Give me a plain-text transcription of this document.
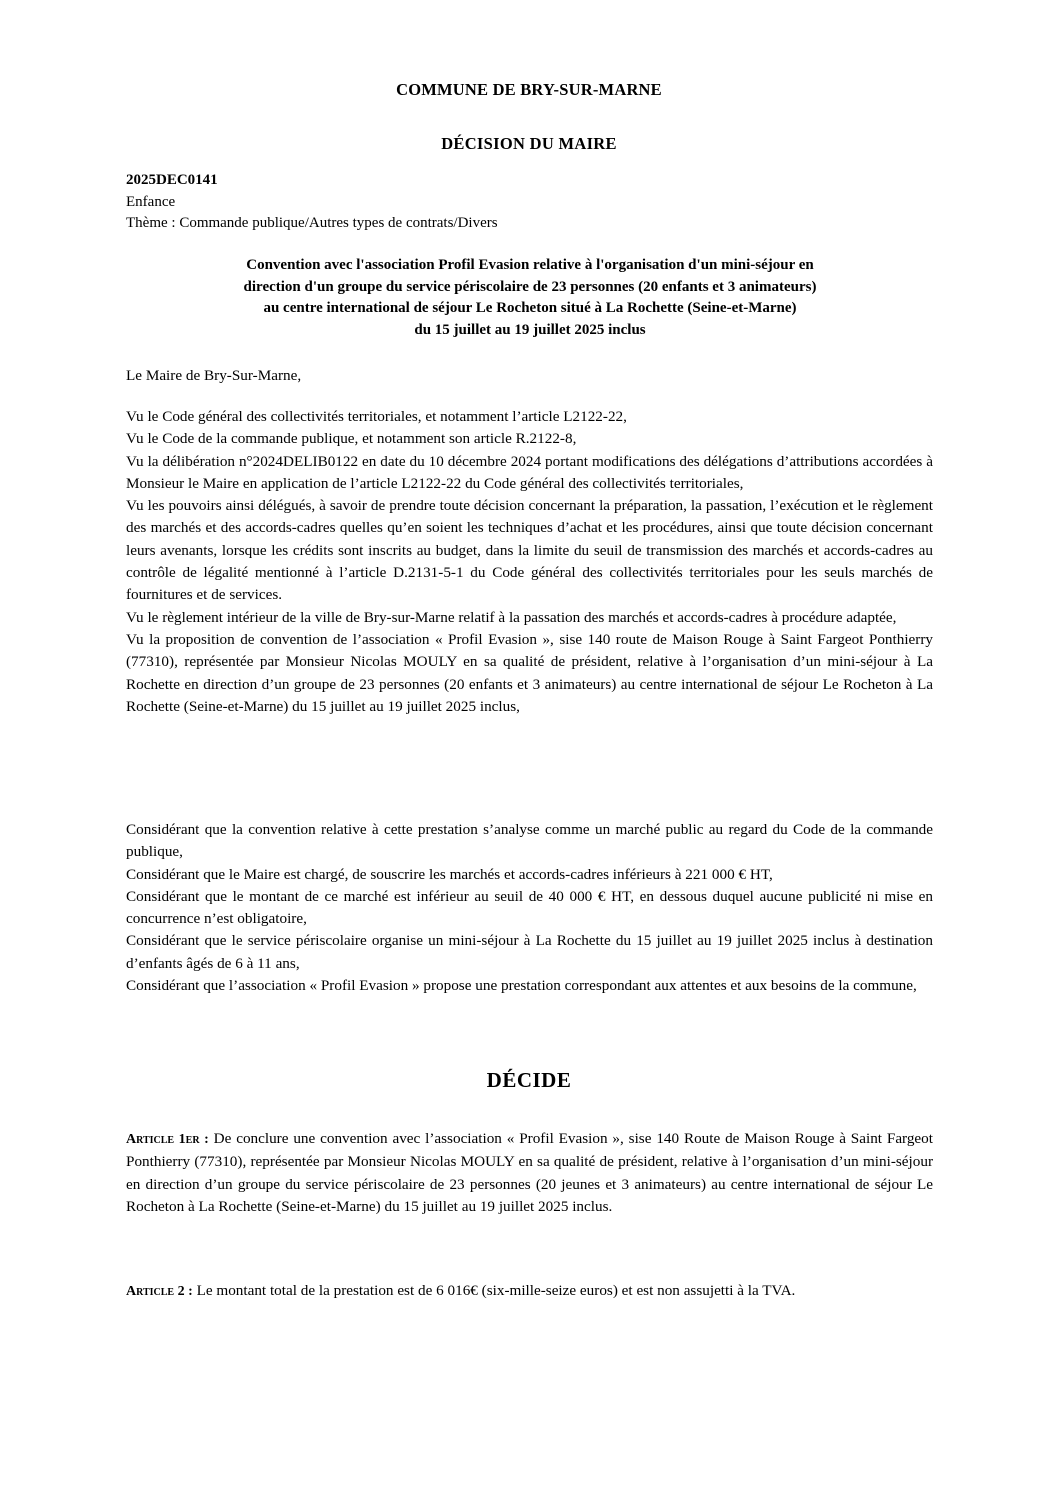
COMMUNE DE BRY-SUR-MARNE
DÉCISION DU MAIRE
2025DEC0141
Enfance
Thème : Commande publique/Autres types de contrats/Divers
Convention avec l'association Profil Evasion relative à l'organisation d'un mini-séjour en
direction d'un groupe du service périscolaire de 23 personnes (20 enfants et 3 animateurs)
au centre international de séjour Le Rocheton situé à La Rochette (Seine-et-Marne)
du 15 juillet au 19 juillet 2025 inclus
Le Maire de Bry-Sur-Marne,

Vu le Code général des collectivités territoriales, et notamment l’article L2122-22,

Vu le Code de la commande publique, et notamment son article R.2122-8,

Vu la délibération n°2024DELIB0122 en date du 10 décembre 2024 portant modifications des délégations d’attributions accordées à Monsieur le Maire en application de l’article L2122-22 du Code général des collectivités territoriales,

Vu les pouvoirs ainsi délégués, à savoir de prendre toute décision concernant la préparation, la passation, l’exécution et le règlement des marchés et des accords-cadres quelles qu’en soient les techniques d’achat et les procédures, ainsi que toute décision concernant leurs avenants, lorsque les crédits sont inscrits au budget, dans la limite du seuil de transmission des marchés et accords-cadres au contrôle de légalité mentionné à l’article D.2131-5-1 du Code général des collectivités territoriales pour les seuls marchés de fournitures et de services.

Vu le règlement intérieur de la ville de Bry-sur-Marne relatif à la passation des marchés et accords-cadres à procédure adaptée,

Vu la proposition de convention de l’association « Profil Evasion », sise 140 route de Maison Rouge à Saint Fargeot Ponthierry (77310), représentée par Monsieur Nicolas MOULY en sa qualité de président, relative à l’organisation d’un mini-séjour à La Rochette en direction d’un groupe de 23 personnes (20 enfants et 3 animateurs) au centre international de séjour Le Rocheton à La Rochette (Seine-et-Marne) du 15 juillet au 19 juillet 2025 inclus,

Considérant que la convention relative à cette prestation s’analyse comme un marché public au regard du Code de la commande publique,

Considérant que le Maire est chargé, de souscrire les marchés et accords-cadres inférieurs à 221 000 € HT,

Considérant que le montant de ce marché est inférieur au seuil de 40 000 € HT, en dessous duquel aucune publicité ni mise en concurrence n’est obligatoire,

Considérant que le service périscolaire organise un mini-séjour à La Rochette du 15 juillet au 19 juillet 2025 inclus à destination d’enfants âgés de 6 à 11 ans,

Considérant que l’association « Profil Evasion » propose une prestation correspondant aux attentes et aux besoins de la commune,

DÉCIDE
Article 1er : De conclure une convention avec l’association « Profil Evasion », sise 140 Route de Maison Rouge à Saint Fargeot Ponthierry (77310), représentée par Monsieur Nicolas MOULY en sa qualité de président, relative à l’organisation d’un mini-séjour en direction d’un groupe du service périscolaire de 23 personnes (20 jeunes et 3 animateurs) au centre international de séjour Le Rocheton à La Rochette (Seine-et-Marne) du 15 juillet au 19 juillet 2025 inclus.
Article 2 : Le montant total de la prestation est de 6 016€ (six-mille-seize euros) et est non assujetti à la TVA.
